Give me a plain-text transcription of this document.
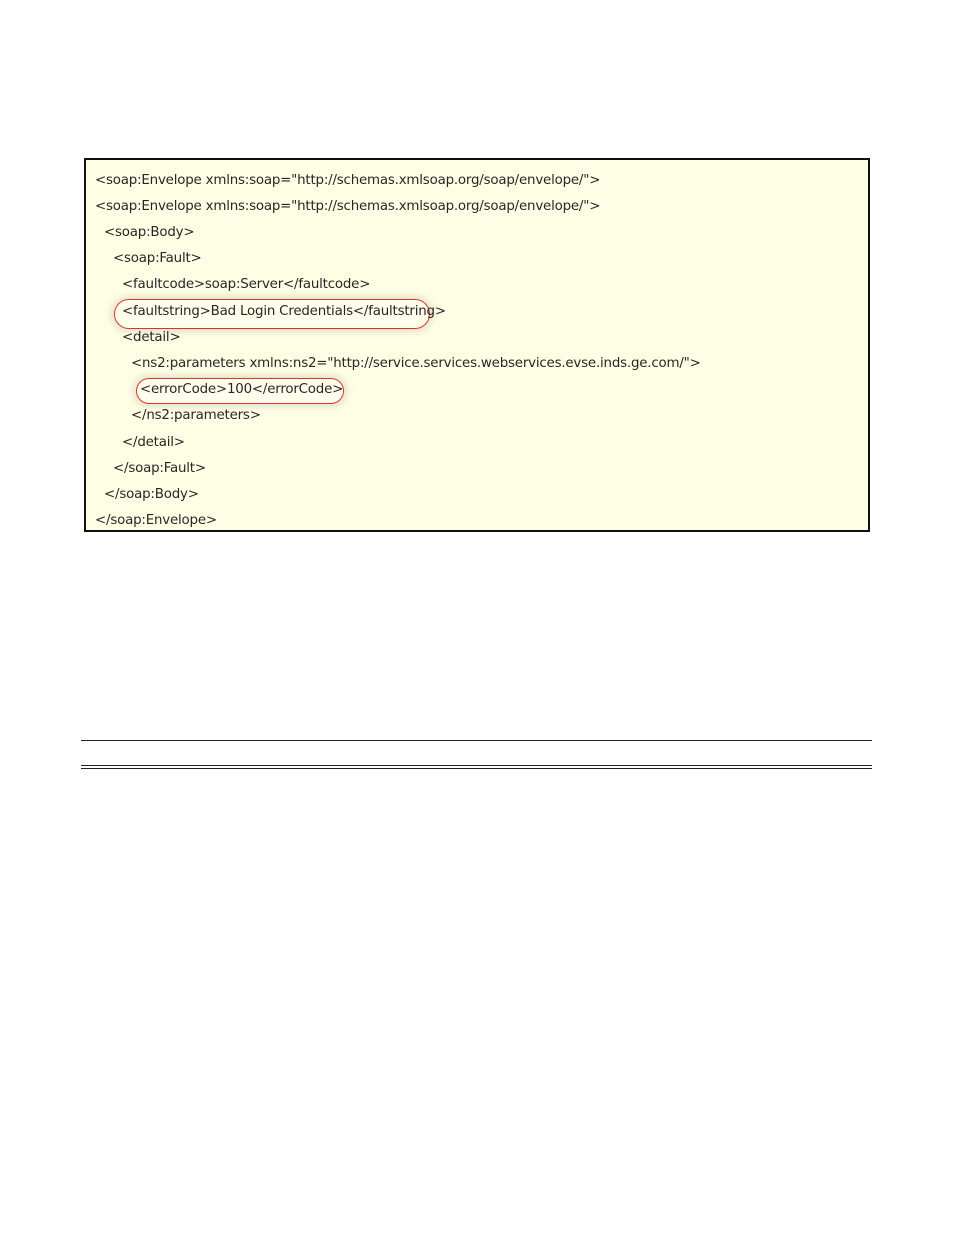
<soap:Envelope xmlns:soap="http://schemas.xmlsoap.org/soap/envelope/">
<soap:Envelope xmlns:soap="http://schemas.xmlsoap.org/soap/envelope/">
<soap:Body>
<soap:Fault>
<faultcode>soap:Server</faultcode>
<faultstring>Bad Login Credentials</faultstring>
<detail>
<ns2:parameters xmlns:ns2="http://service.services.webservices.evse.inds.ge.com/">
<errorCode>100</errorCode>
</ns2:parameters>
</detail>
</soap:Fault>
</soap:Body>
</soap:Envelope>
